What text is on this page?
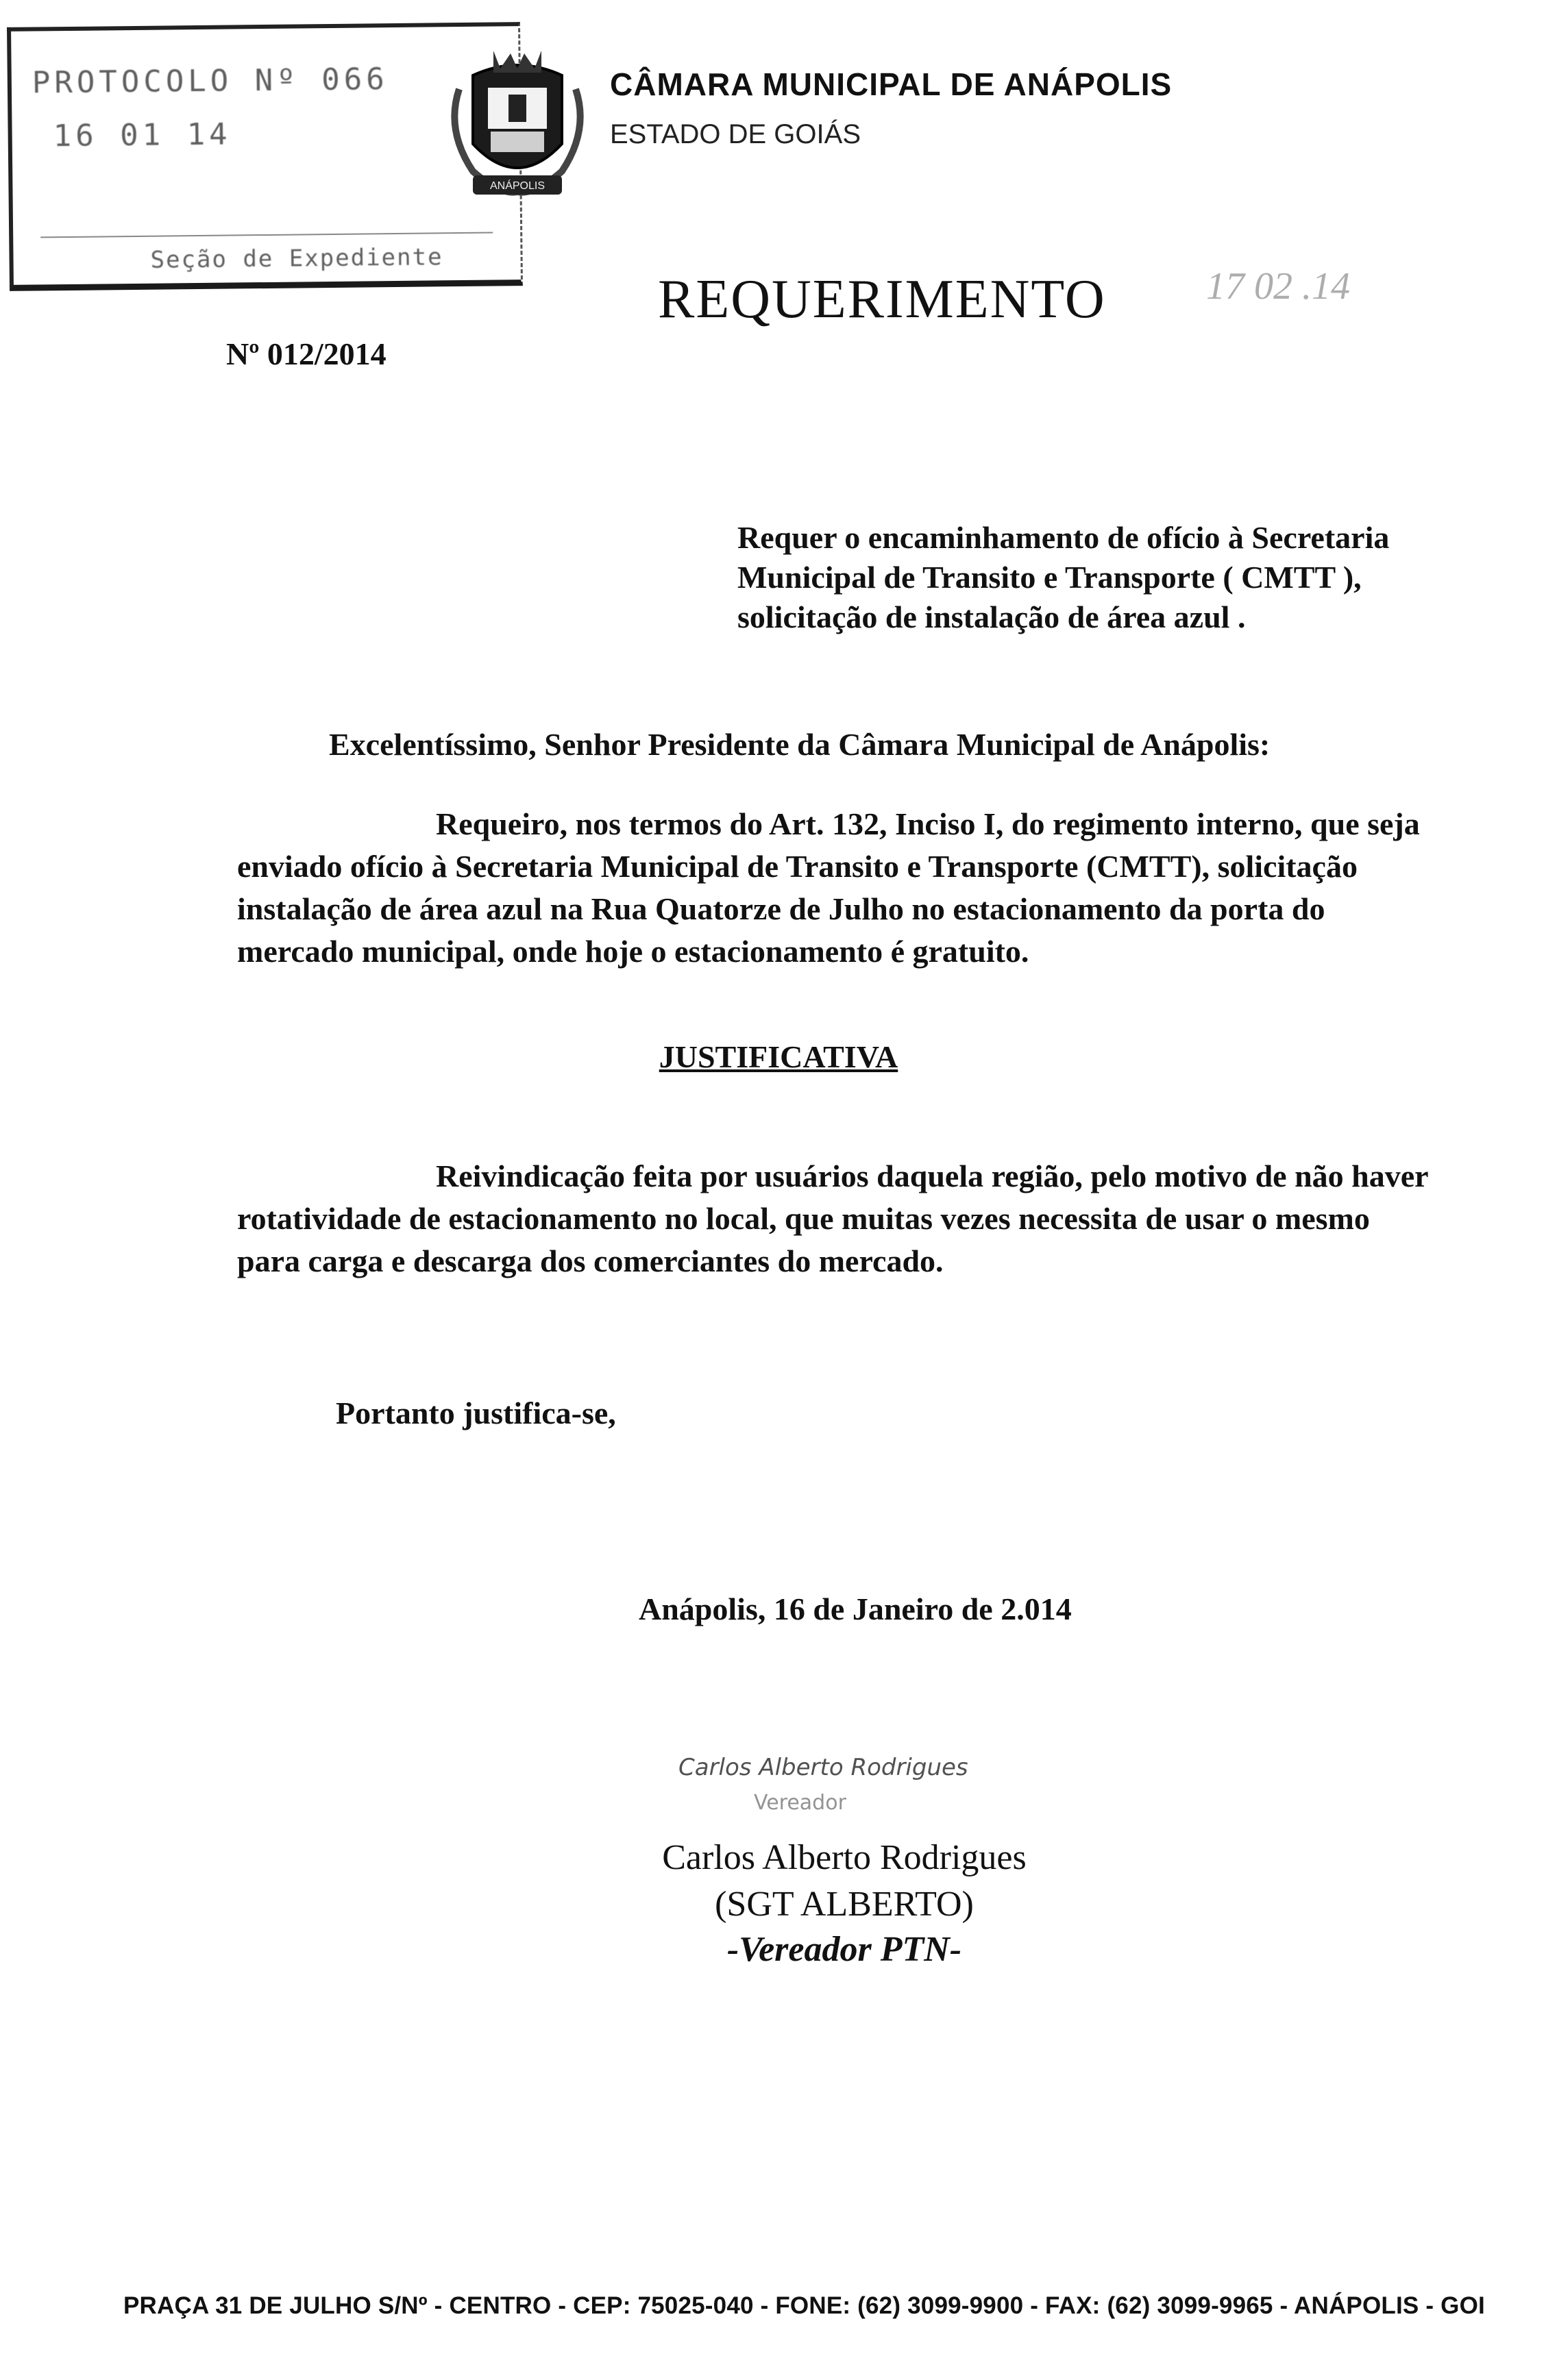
PROTOCOLO Nº 066
16 01 14
Seção de Expediente
ANÁPOLIS
CÂMARA MUNICIPAL DE ANÁPOLIS
ESTADO DE GOIÁS
REQUERIMENTO	17 02 .14
Nº 012/2014
Requer o encaminhamento de ofício à Secretaria
Municipal de Transito e Transporte ( CMTT ),
solicitação de instalação de área azul .
Excelentíssimo, Senhor Presidente da Câmara Municipal de Anápolis:
Requeiro, nos termos do Art. 132, Inciso I, do regimento interno, que seja
enviado ofício à Secretaria Municipal de Transito e Transporte (CMTT), solicitação
instalação de área azul na Rua Quatorze de Julho no estacionamento da porta do
mercado municipal, onde hoje o estacionamento é gratuito.
JUSTIFICATIVA
Reivindicação feita por usuários daquela região, pelo motivo de não haver
rotatividade de estacionamento no local, que muitas vezes necessita de usar o mesmo
para carga e descarga dos comerciantes do mercado.
Portanto justifica-se,
Anápolis, 16 de Janeiro de 2.014
Carlos Alberto Rodrigues
Vereador
Carlos Alberto Rodrigues
(SGT ALBERTO)
-Vereador PTN-
PRAÇA 31 DE JULHO S/Nº - CENTRO - CEP: 75025-040 - FONE: (62) 3099-9900 - FAX: (62) 3099-9965 - ANÁPOLIS - GOI
